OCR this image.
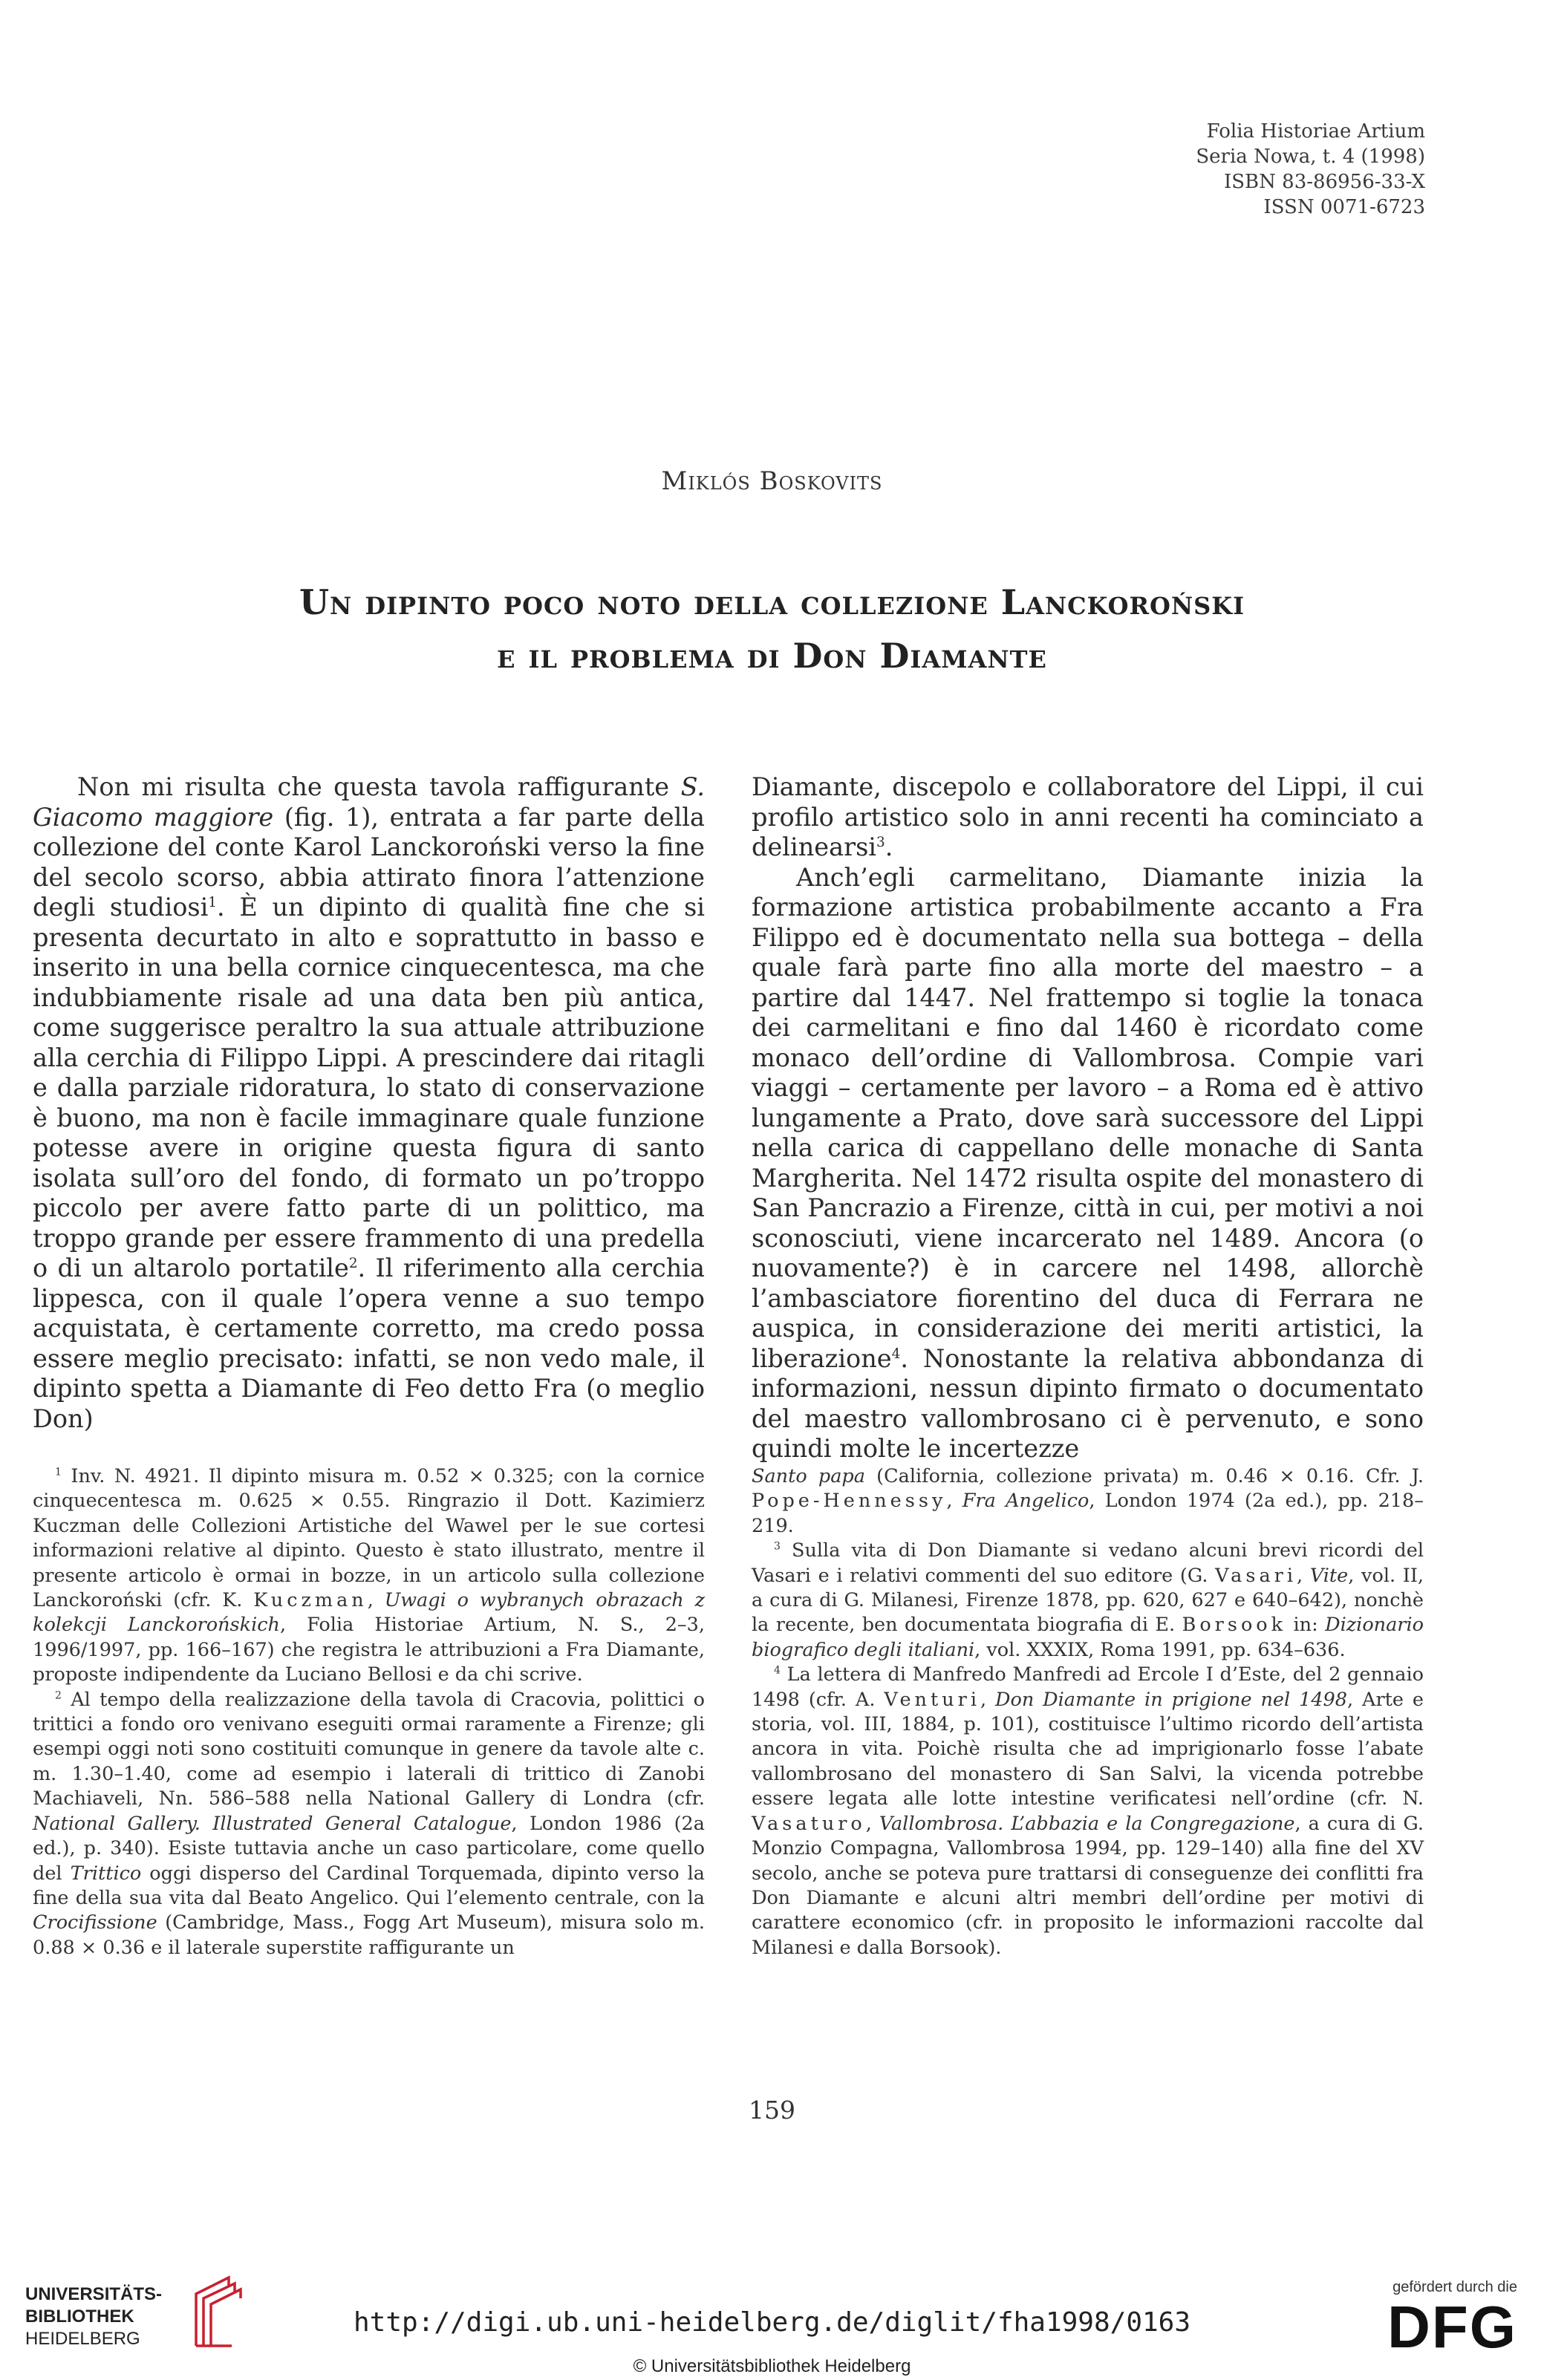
Folia Historiae Artium
Seria Nowa, t. 4 (1998)
ISBN 83-86956-33-X
ISSN 0071-6723
Miklós Boskovits
Un dipinto poco noto della collezione Lanckoroński
e il problema di Don Diamante

Non mi risulta che questa tavola raffigurante S. Giacomo maggiore (fig. 1), entrata a far parte della collezione del conte Karol Lanckoroński verso la fine del secolo scorso, abbia attirato finora l’attenzione degli studiosi$^1$. È un dipinto di qualità fine che si presenta decurtato in alto e soprattutto in basso e inserito in una bella cornice cinquecentesca, ma che indubbiamente risale ad una data ben più antica, come suggerisce peraltro la sua attuale attribuzione alla cerchia di Filippo Lippi. A prescindere dai ritagli e dalla parziale ridoratura, lo stato di conservazione è buono, ma non è facile immaginare quale funzione potesse avere in origine questa figura di santo isolata sull’oro del fondo, di formato un po’troppo piccolo per avere fatto parte di un polittico, ma troppo grande per essere frammento di una predella o di un altarolo portatile$^2$. Il riferimento alla cerchia lippesca, con il quale l’opera venne a suo tempo acquistata, è certamente corretto, ma credo possa essere meglio precisato: infatti, se non vedo male, il dipinto spetta a Diamante di Feo detto Fra (o meglio Don)

Diamante, discepolo e collaboratore del Lippi, il cui profilo artistico solo in anni recenti ha cominciato a delinearsi$^3$.

Anch’egli carmelitano, Diamante inizia la formazione artistica probabilmente accanto a Fra Filippo ed è documentato nella sua bottega – della quale farà parte fino alla morte del maestro – a partire dal 1447. Nel frattempo si toglie la tonaca dei carmelitani e fino dal 1460 è ricordato come monaco dell’ordine di Vallombrosa. Compie vari viaggi – certamente per lavoro – a Roma ed è attivo lungamente a Prato, dove sarà successore del Lippi nella carica di cappellano delle monache di Santa Margherita. Nel 1472 risulta ospite del monastero di San Pancrazio a Firenze, città in cui, per motivi a noi sconosciuti, viene incarcerato nel 1489. Ancora (o nuovamente?) è in carcere nel 1498, allorchè l’ambasciatore fiorentino del duca di Ferrara ne auspica, in considerazione dei meriti artistici, la liberazione$^4$. Nonostante la relativa abbondanza di informazioni, nessun dipinto firmato o documentato del maestro vallombrosano ci è pervenuto, e sono quindi molte le incertezze

$^1$ Inv. N. 4921. Il dipinto misura m. 0.52 × 0.325; con la cornice cinquecentesca m. 0.625 × 0.55. Ringrazio il Dott. Kazimierz Kuczman delle Collezioni Artistiche del Wawel per le sue cortesi informazioni relative al dipinto. Questo è stato illustrato, mentre il presente articolo è ormai in bozze, in un articolo sulla collezione Lanckoroński (cfr. K. Kuczman, Uwagi o wybranych obrazach z kolekcji Lanckorońskich, Folia Historiae Artium, N. S., 2–3, 1996/1997, pp. 166–167) che registra le attribuzioni a Fra Diamante, proposte indipendente da Luciano Bellosi e da chi scrive.

$^2$ Al tempo della realizzazione della tavola di Cracovia, polittici o trittici a fondo oro venivano eseguiti ormai raramente a Firenze; gli esempi oggi noti sono costituiti comunque in genere da tavole alte c. m. 1.30–1.40, come ad esempio i laterali di trittico di Zanobi Machiaveli, Nn. 586–588 nella National Gallery di Londra (cfr. National Gallery. Illustrated General Catalogue, London 1986 (2a ed.), p. 340). Esiste tuttavia anche un caso particolare, come quello del Trittico oggi disperso del Cardinal Torquemada, dipinto verso la fine della sua vita dal Beato Angelico. Qui l’elemento centrale, con la Crocifissione (Cambridge, Mass., Fogg Art Museum), misura solo m. 0.88 × 0.36 e il laterale superstite raffigurante un

Santo papa (California, collezione privata) m. 0.46 × 0.16. Cfr. J. Pope-Hennessy, Fra Angelico, London 1974 (2a ed.), pp. 218–219.

$^3$ Sulla vita di Don Diamante si vedano alcuni brevi ricordi del Vasari e i relativi commenti del suo editore (G. Vasari, Vite, vol. II, a cura di G. Milanesi, Firenze 1878, pp. 620, 627 e 640–642), nonchè la recente, ben documentata biografia di E. Borsook in: Dizionario biografico degli italiani, vol. XXXIX, Roma 1991, pp. 634–636.

$^4$ La lettera di Manfredo Manfredi ad Ercole I d’Este, del 2 gennaio 1498 (cfr. A. Venturi, Don Diamante in prigione nel 1498, Arte e storia, vol. III, 1884, p. 101), costituisce l’ultimo ricordo dell’artista ancora in vita. Poichè risulta che ad imprigionarlo fosse l’abate vallombrosano del monastero di San Salvi, la vicenda potrebbe essere legata alle lotte intestine verificatesi nell’ordine (cfr. N. Vasaturo, Vallombrosa. L’abbazia e la Congregazione, a cura di G. Monzio Compagna, Vallombrosa 1994, pp. 129–140) alla fine del XV secolo, anche se poteva pure trattarsi di conseguenze dei conflitti fra Don Diamante e alcuni altri membri dell’ordine per motivi di carattere economico (cfr. in proposito le informazioni raccolte dal Milanesi e dalla Borsook).

159
UNIVERSITÄTS-
BIBLIOTHEK
HEIDELBERG
http://digi.ub.uni-heidelberg.de/diglit/fha1998/0163
© Universitätsbibliothek Heidelberg
gefördert durch die
DFG
